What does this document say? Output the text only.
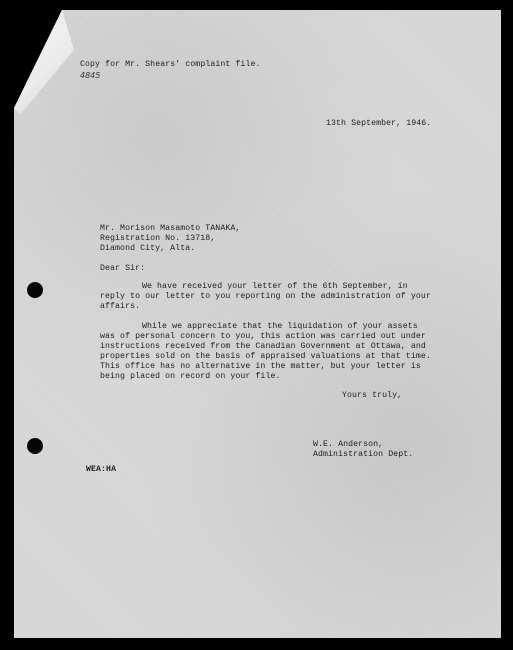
Copy for Mr. Shears' complaint file.
4845
13th September, 1946.
Mr. Morison Masamoto TANAKA,
Registration No. 13718,
Diamond City, Alta.
Dear Sir:
We have received your letter of the 6th September, in
reply to our letter to you reporting on the administration of your
affairs.
While we appreciate that the liquidation of your assets
was of personal concern to you, this action was carried out under
instructions received from the Canadian Government at Ottawa, and
properties sold on the basis of appraised valuations at that time.
This office has no alternative in the matter, but your letter is
being placed on record on your file.
Yours truly,
W.E. Anderson,
Administration Dept.
WEA:HA
